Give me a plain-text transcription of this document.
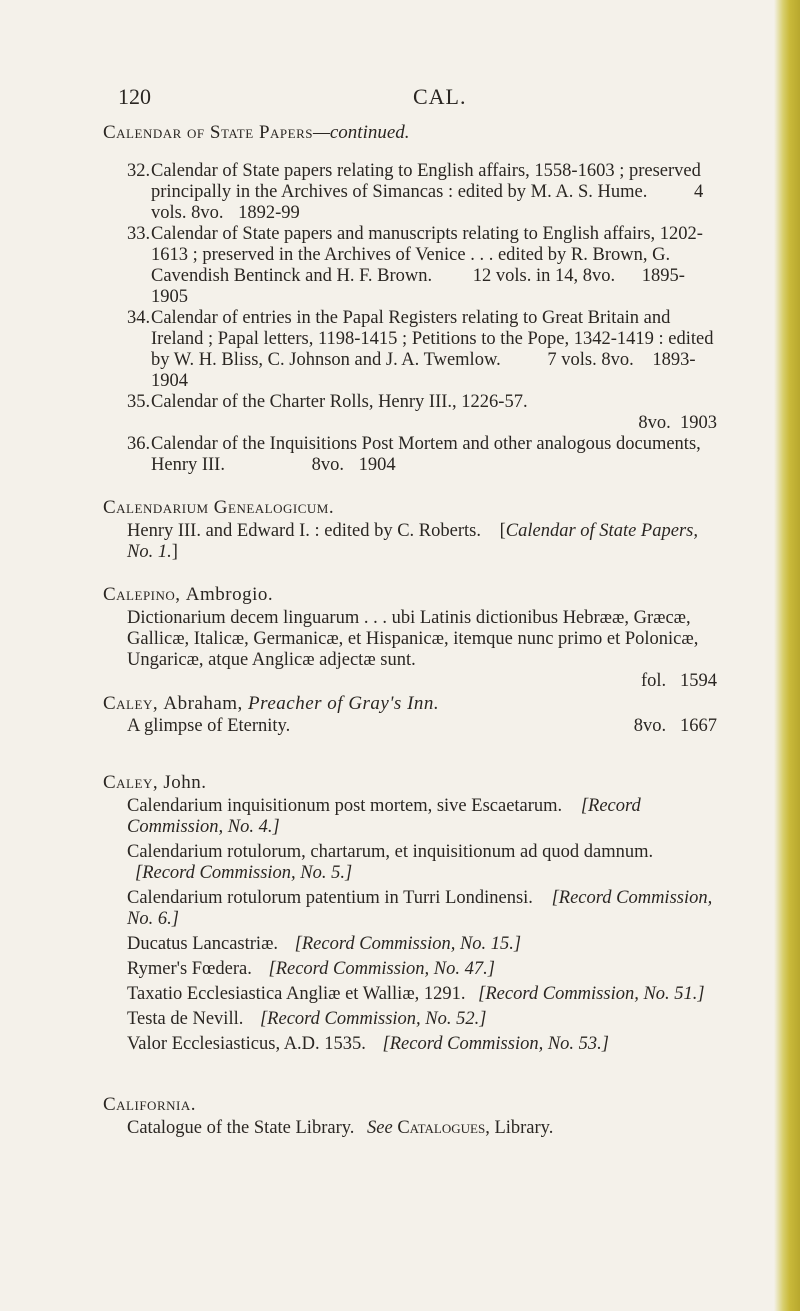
120	CAL.
Calendar of State Papers—continued.
32.Calendar of State papers relating to English affairs, 1558-1603 ; preserved principally in the Archives of Simancas : edited by M. A. S. Hume.	4 vols. 8vo. 1892-99
33.Calendar of State papers and manuscripts relating to English affairs, 1202-1613 ; preserved in the Archives of Venice . . . edited by R. Brown, G. Cavendish Bentinck and H. F. Brown. 12 vols. in 14, 8vo. 1895-1905
34.Calendar of entries in the Papal Registers relating to Great Britain and Ireland ; Papal letters, 1198-1415 ; Petitions to the Pope, 1342-1419 : edited by W. H. Bliss, C. Johnson and J. A. Twemlow.	7 vols. 8vo. 1893-1904
35.Calendar of the Charter Rolls, Henry III., 1226-57.
8vo. 1903
36.Calendar of the Inquisitions Post Mortem and other analogous documents, Henry III.	8vo. 1904
Calendarium Genealogicum.
Henry III. and Edward I. : edited by C. Roberts. [Calendar of State Papers, No. 1.]
Calepino, Ambrogio.
Dictionarium decem linguarum . . . ubi Latinis dictionibus Hebrææ, Græcæ, Gallicæ, Italicæ, Germanicæ, et Hispanicæ, itemque nunc primo et Polonicæ, Ungaricæ, atque Anglicæ adjectæ sunt.
fol. 1594
Caley, Abraham, Preacher of Gray's Inn.
A glimpse of Eternity.	8vo. 1667
Caley, John.
Calendarium inquisitionum post mortem, sive Escaetarum. [Record Commission, No. 4.]
Calendarium rotulorum, chartarum, et inquisitionum ad quod damnum. [Record Commission, No. 5.]
Calendarium rotulorum patentium in Turri Londinensi. [Record Commission, No. 6.]
Ducatus Lancastriæ. [Record Commission, No. 15.]
Rymer's Fœdera. [Record Commission, No. 47.]
Taxatio Ecclesiastica Angliæ et Walliæ, 1291. [Record Commission, No. 51.]
Testa de Nevill. [Record Commission, No. 52.]
Valor Ecclesiasticus, A.D. 1535. [Record Commission, No. 53.]
California.
Catalogue of the State Library. See Catalogues, Library.
